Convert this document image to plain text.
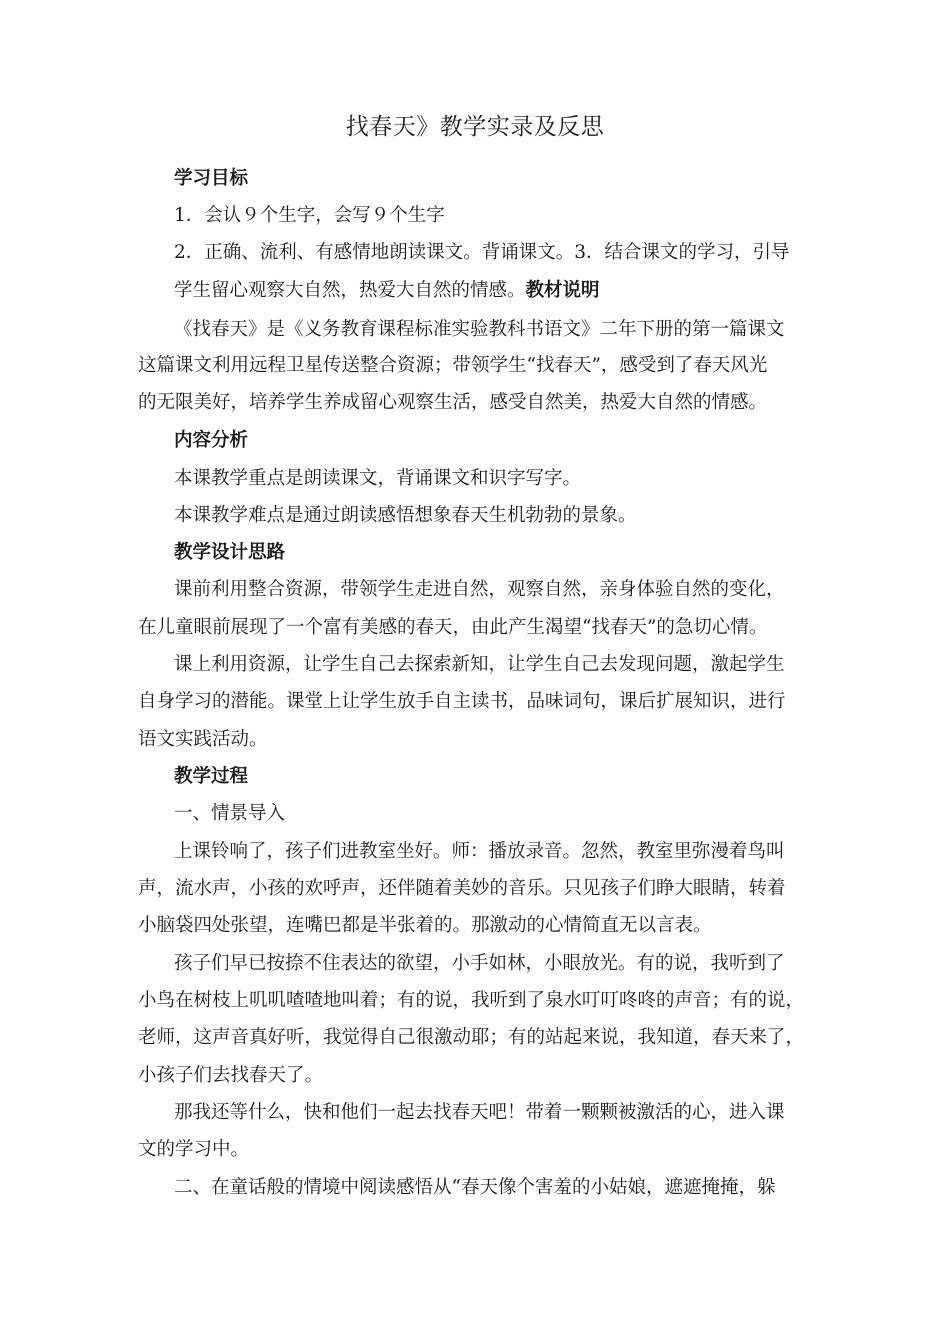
找春天》教学实录及反思
学习目标
1．会认９个生字，会写９个生字
2．正确、流利、有感情地朗读课文。背诵课文。3．结合课文的学习，引导
学生留心观察大自然，热爱大自然的情感。教材说明
《找春天》是《义务教育课程标准实验教科书语文》二年下册的第一篇课文
这篇课文利用远程卫星传送整合资源；带领学生“找春天”，感受到了春天风光
的无限美好，培养学生养成留心观察生活，感受自然美，热爱大自然的情感。
内容分析
本课教学重点是朗读课文，背诵课文和识字写字。
本课教学难点是通过朗读感悟想象春天生机勃勃的景象。
教学设计思路
课前利用整合资源，带领学生走进自然，观察自然，亲身体验自然的变化，
在儿童眼前展现了一个富有美感的春天，由此产生渴望“找春天”的急切心情。
课上利用资源，让学生自己去探索新知，让学生自己去发现问题，激起学生
自身学习的潜能。课堂上让学生放手自主读书，品味词句，课后扩展知识，进行
语文实践活动。
教学过程
一、情景导入
上课铃响了，孩子们进教室坐好。师：播放录音。忽然，教室里弥漫着鸟叫
声，流水声，小孩的欢呼声，还伴随着美妙的音乐。只见孩子们睁大眼睛，转着
小脑袋四处张望，连嘴巴都是半张着的。那激动的心情简直无以言表。
孩子们早已按捺不住表达的欲望，小手如林，小眼放光。有的说，我听到了
小鸟在树枝上叽叽喳喳地叫着；有的说，我听到了泉水叮叮咚咚的声音；有的说，
老师，这声音真好听，我觉得自己很激动耶；有的站起来说，我知道，春天来了，
小孩子们去找春天了。
那我还等什么，快和他们一起去找春天吧！带着一颗颗被激活的心，进入课
文的学习中。
二、在童话般的情境中阅读感悟从“春天像个害羞的小姑娘，遮遮掩掩，躲
